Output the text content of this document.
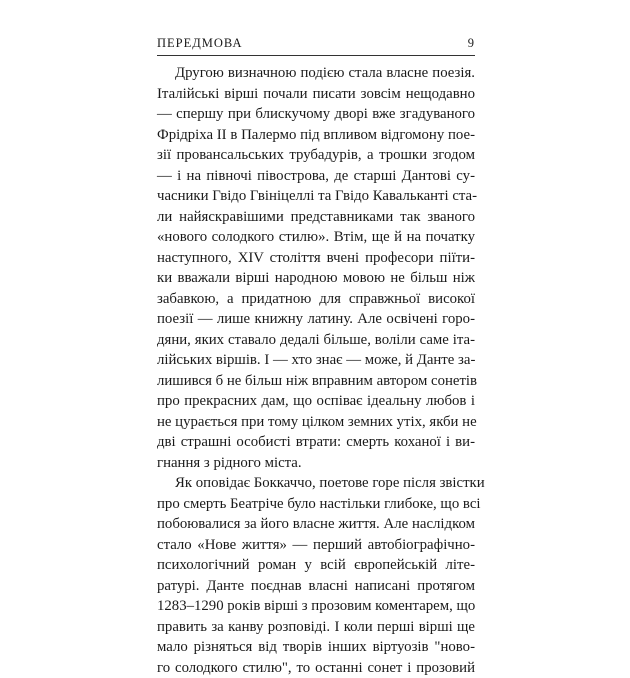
ПЕРЕДМОВА	9
Другою визначною подією стала власне поезія.
Італійські вірші почали писати зовсім нещодавно
— спершу при блискучому дворі вже згадуваного
Фрідріха II в Палермо під впливом відгомону пое-
зії провансальських трубадурів, а трошки згодом
— і на півночі півострова, де старші Дантові су-
часники Гвідо Гвініцеллі та Гвідо Кавальканті ста-
ли найяскравішими представниками так званого
«нового солодкого стилю». Втім, ще й на початку
наступного, XIV століття вчені професори піїти-
ки вважали вірші народною мовою не більш ніж
забавкою, а придатною для справжньої високої
поезії — лише книжну латину. Але освічені горо-
дяни, яких ставало дедалі більше, воліли саме іта-
лійських віршів. І — хто знає — може, й Данте за-
лишився б не більш ніж вправним автором сонетів
про прекрасних дам, що оспіває ідеальну любов і
не цурається при тому цілком земних утіх, якби не
дві страшні особисті втрати: смерть коханої і ви-
гнання з рідного міста.
Як оповідає Боккаччо, поетове горе після звістки
про смерть Беатріче було настільки глибоке, що всі
побоювалися за його власне життя. Але наслідком
стало «Нове життя» — перший автобіографічно-
психологічний роман у всій європейській літе-
ратурі. Данте поєднав власні написані протягом
1283–1290 років вірші з прозовим коментарем, що
править за канву розповіді. І коли перші вірші ще
мало різняться від творів інших віртуозів "ново-
го солодкого стилю", то останні сонет і прозовий
